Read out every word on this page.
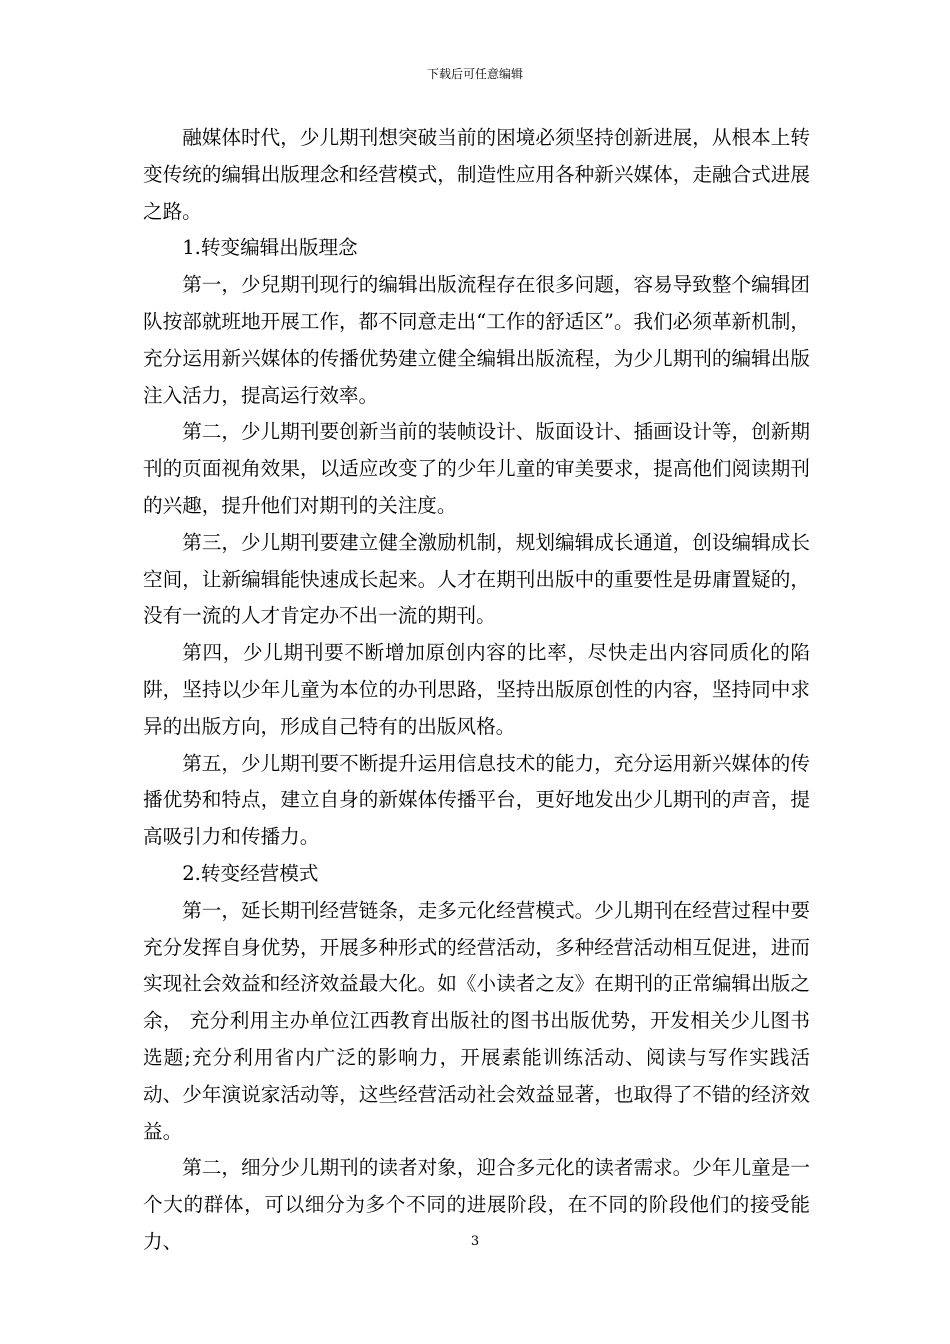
下载后可任意编辑

融媒体时代，少儿期刊想突破当前的困境必须坚持创新进展，从根本上转变传统的编辑出版理念和经营模式，制造性应用各种新兴媒体，走融合式进展之路。

1.转变编辑出版理念

第一，少兒期刊现行的编辑出版流程存在很多问题，容易导致整个编辑团队按部就班地开展工作，都不同意走出“工作的舒适区”。我们必须革新机制，充分运用新兴媒体的传播优势建立健全编辑出版流程，为少儿期刊的编辑出版注入活力，提高运行效率。

第二，少儿期刊要创新当前的装帧设计、版面设计、插画设计等，创新期刊的页面视角效果，以适应改变了的少年儿童的审美要求，提高他们阅读期刊的兴趣，提升他们对期刊的关注度。

第三，少儿期刊要建立健全激励机制，规划编辑成长通道，创设编辑成长空间，让新编辑能快速成长起来。人才在期刊出版中的重要性是毋庸置疑的，没有一流的人才肯定办不出一流的期刊。

第四，少儿期刊要不断增加原创内容的比率，尽快走出内容同质化的陷阱，坚持以少年儿童为本位的办刊思路，坚持出版原创性的内容，坚持同中求异的出版方向，形成自己特有的出版风格。

第五，少儿期刊要不断提升运用信息技术的能力，充分运用新兴媒体的传播优势和特点，建立自身的新媒体传播平台，更好地发出少儿期刊的声音，提高吸引力和传播力。

2.转变经营模式

第一，延长期刊经营链条，走多元化经营模式。少儿期刊在经营过程中要充分发挥自身优势，开展多种形式的经营活动，多种经营活动相互促进，进而实现社会效益和经济效益最大化。如《小读者之友》在期刊的正常编辑出版之余， 充分利用主办单位江西教育出版社的图书出版优势，开发相关少儿图书选题;充分利用省内广泛的影响力，开展素能训练活动、阅读与写作实践活动、少年演说家活动等，这些经营活动社会效益显著，也取得了不错的经济效益。

第二，细分少儿期刊的读者对象，迎合多元化的读者需求。少年儿童是一个大的群体，可以细分为多个不同的进展阶段，在不同的阶段他们的接受能力、	3
